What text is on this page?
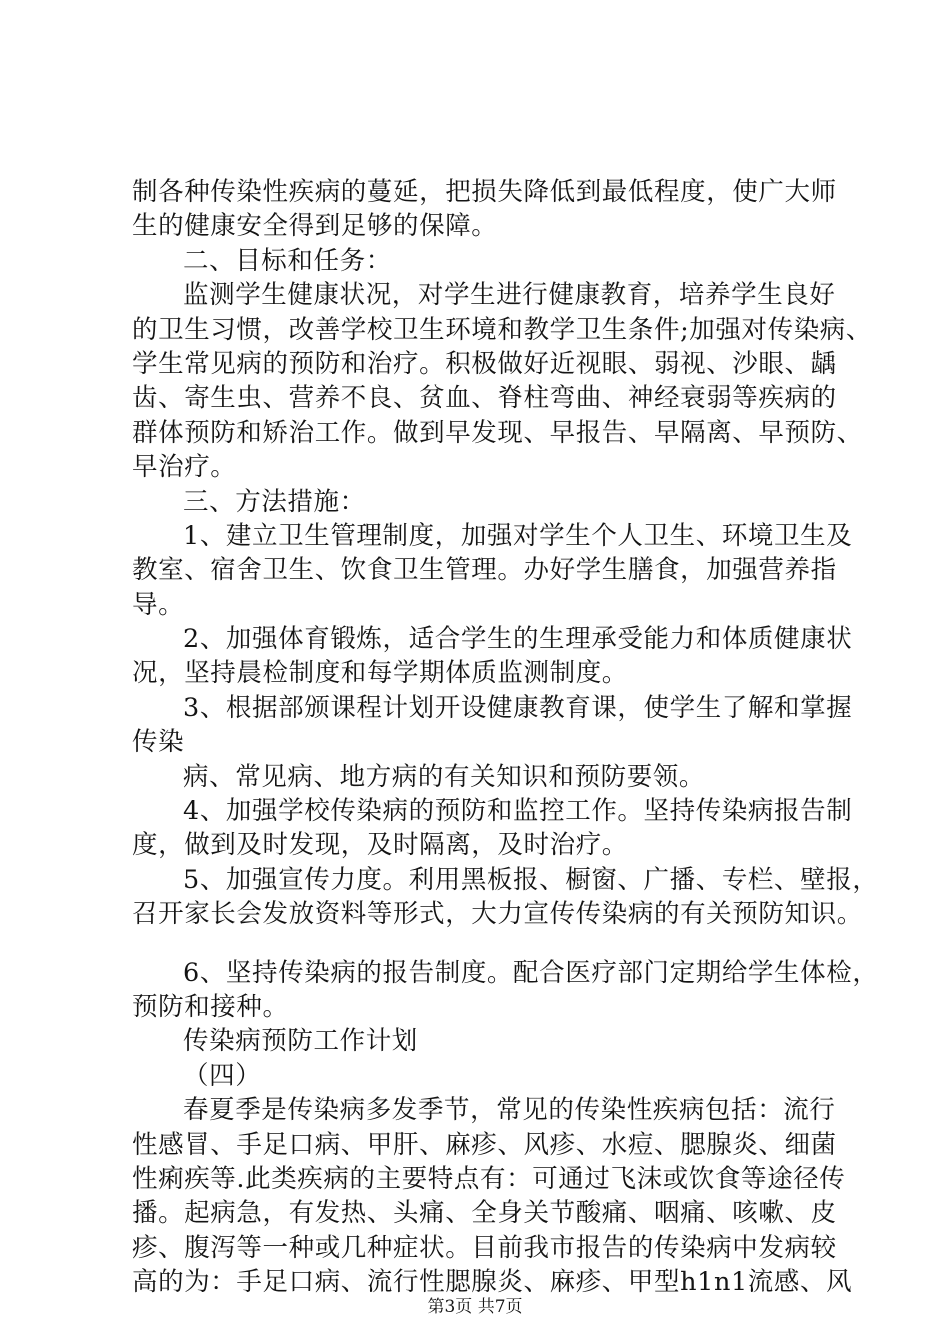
制各种传染性疾病的蔓延，把损失降低到最低程度，使广大师
生的健康安全得到足够的保障。
二、目标和任务：
监测学生健康状况，对学生进行健康教育，培养学生良好
的卫生习惯，改善学校卫生环境和教学卫生条件;加强对传染病、
学生常见病的预防和治疗。积极做好近视眼、弱视、沙眼、龋
齿、寄生虫、营养不良、贫血、脊柱弯曲、神经衰弱等疾病的
群体预防和矫治工作。做到早发现、早报告、早隔离、早预防、
早治疗。
三、方法措施：
1、建立卫生管理制度，加强对学生个人卫生、环境卫生及
教室、宿舍卫生、饮食卫生管理。办好学生膳食，加强营养指
导。
2、加强体育锻炼，适合学生的生理承受能力和体质健康状
况，坚持晨检制度和每学期体质监测制度。
3、根据部颁课程计划开设健康教育课，使学生了解和掌握
传染
病、常见病、地方病的有关知识和预防要领。
4、加强学校传染病的预防和监控工作。坚持传染病报告制
度，做到及时发现，及时隔离，及时治疗。
5、加强宣传力度。利用黑板报、橱窗、广播、专栏、壁报，
召开家长会发放资料等形式，大力宣传传染病的有关预防知识。
6、坚持传染病的报告制度。配合医疗部门定期给学生体检，
预防和接种。
传染病预防工作计划
（四）
春夏季是传染病多发季节，常见的传染性疾病包括：流行
性感冒、手足口病、甲肝、麻疹、风疹、水痘、腮腺炎、细菌
性痢疾等.此类疾病的主要特点有：可通过飞沫或饮食等途径传
播。起病急，有发热、头痛、全身关节酸痛、咽痛、咳嗽、皮
疹、腹泻等一种或几种症状。目前我市报告的传染病中发病较
高的为：手足口病、流行性腮腺炎、麻疹、甲型h1n1流感、风
第3页 共7页
